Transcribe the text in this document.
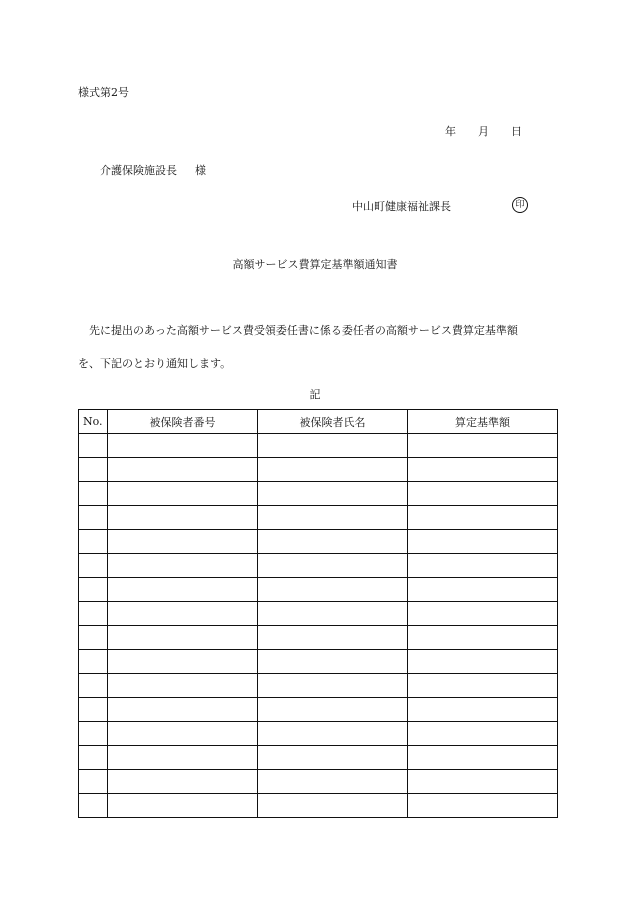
様式第2号
年 月 日
介護保険施設長 様
中山町健康福祉課長	印
高額サービス費算定基準額通知書

先に提出のあった高額サービス費受領委任書に係る委任者の高額サービス費算定基準額

を、下記のとおり通知します。

記
No.	被保険者番号	被保険者氏名	算定基準額
